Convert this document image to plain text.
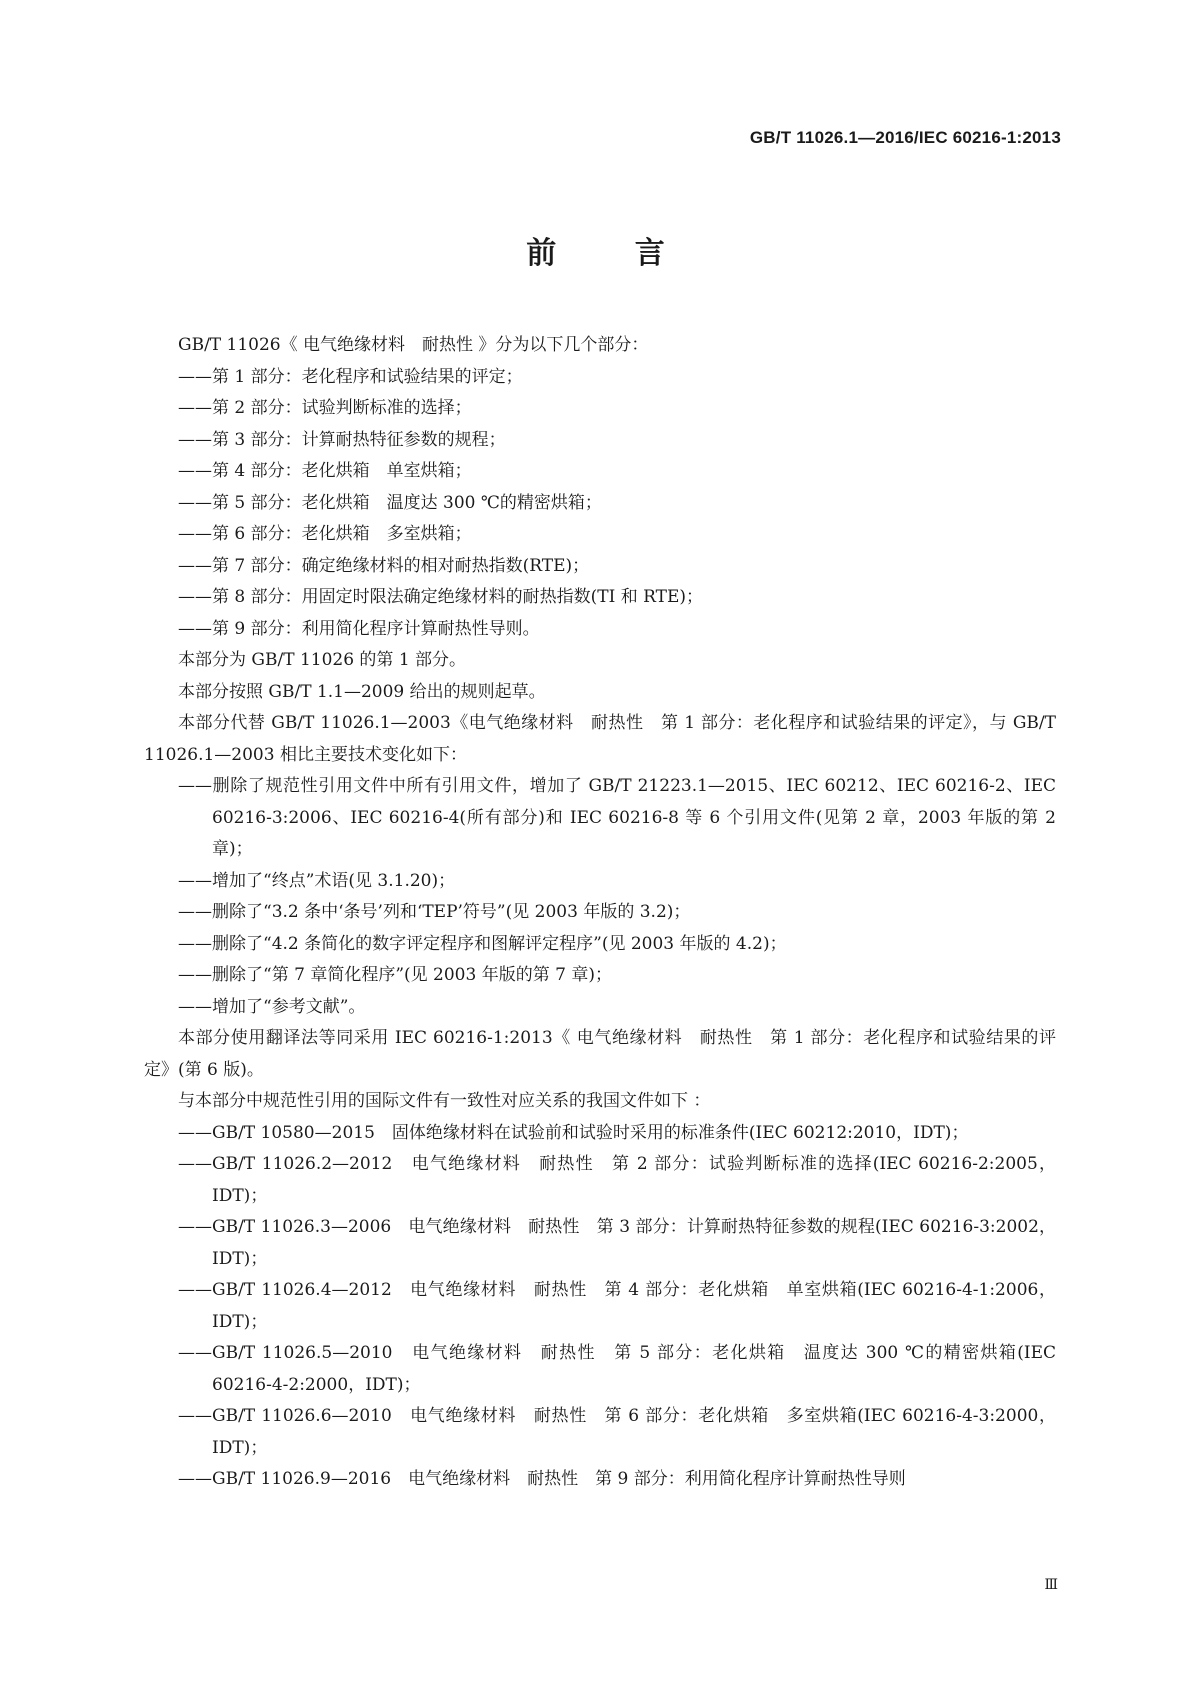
GB/T 11026.1—2016/IEC 60216-1:2013
前 言

GB/T 11026《 电气绝缘材料　耐热性 》分为以下几个部分：

——第 1 部分：老化程序和试验结果的评定；

——第 2 部分：试验判断标准的选择；

——第 3 部分：计算耐热特征参数的规程；

——第 4 部分：老化烘箱　单室烘箱；

——第 5 部分：老化烘箱　温度达 300 ℃的精密烘箱；

——第 6 部分：老化烘箱　多室烘箱；

——第 7 部分：确定绝缘材料的相对耐热指数(RTE)；

——第 8 部分：用固定时限法确定绝缘材料的耐热指数(TI 和 RTE)；

——第 9 部分：利用简化程序计算耐热性导则。

本部分为 GB/T 11026 的第 1 部分。

本部分按照 GB/T 1.1—2009 给出的规则起草。

本部分代替 GB/T 11026.1—2003《电气绝缘材料　耐热性　第 1 部分：老化程序和试验结果的评定》，与 GB/T 11026.1—2003 相比主要技术变化如下：

——删除了规范性引用文件中所有引用文件，增加了 GB/T 21223.1—2015、IEC 60212、IEC 60216-2、IEC 60216-3:2006、IEC 60216-4(所有部分)和 IEC 60216-8 等 6 个引用文件(见第 2 章，2003 年版的第 2 章)；

——增加了“终点”术语(见 3.1.20)；

——删除了“3.2 条中‘条号’列和‘TEP’符号”(见 2003 年版的 3.2)；

——删除了“4.2 条简化的数字评定程序和图解评定程序”(见 2003 年版的 4.2)；

——删除了“第 7 章简化程序”(见 2003 年版的第 7 章)；

——增加了“参考文献”。

本部分使用翻译法等同采用 IEC 60216-1:2013《 电气绝缘材料　耐热性　第 1 部分：老化程序和试验结果的评定》(第 6 版)。

与本部分中规范性引用的国际文件有一致性对应关系的我国文件如下 ：

——GB/T 10580—2015　固体绝缘材料在试验前和试验时采用的标准条件(IEC 60212:2010，IDT)；

——GB/T 11026.2—2012　电气绝缘材料　耐热性　第 2 部分：试验判断标准的选择(IEC 60216-2:2005，IDT)；

——GB/T 11026.3—2006　电气绝缘材料　耐热性　第 3 部分：计算耐热特征参数的规程(IEC 60216-3:2002，IDT)；

——GB/T 11026.4—2012　电气绝缘材料　耐热性　第 4 部分：老化烘箱　单室烘箱(IEC 60216-4-1:2006，IDT)；

——GB/T 11026.5—2010　电气绝缘材料　耐热性　第 5 部分：老化烘箱　温度达 300 ℃的精密烘箱(IEC 60216-4-2:2000，IDT)；

——GB/T 11026.6—2010　电气绝缘材料　耐热性　第 6 部分：老化烘箱　多室烘箱(IEC 60216-4-3:2000，IDT)；

——GB/T 11026.9—2016　电气绝缘材料　耐热性　第 9 部分：利用简化程序计算耐热性导则

Ⅲ
